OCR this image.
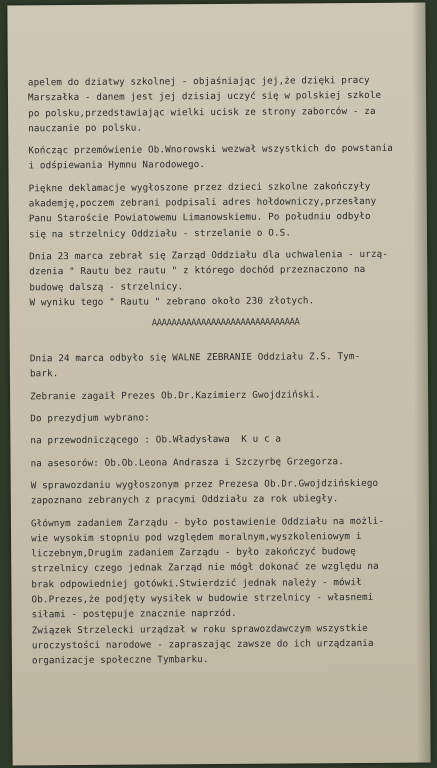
apelem do dziatwy szkolnej - objaśniając jej,że dzięki pracy
Marszałka - danem jest jej dzisiaj uczyć się w polskiej szkole
po polsku,przedstawiając wielki ucisk ze strony zaborców - za
nauczanie po polsku.
Kończąc przemówienie Ob.Wnorowski wezwał wszystkich do powstania
i odśpiewania Hymnu Narodowego.
Piękne deklamacje wygłoszone przez dzieci szkolne zakończyły
akademję,poczem zebrani podpisali adres hołdowniczy,przesłany
Panu Staroście Powiatowemu Limanowskiemu. Po południu odbyło
się na strzelnicy Oddziału - strzelanie o O.S.
Dnia 23 marca zebrał się Zarząd Oddziału dla uchwalenia - urzą-
dzenia " Rautu bez rautu " z którego dochód przeznaczono na
budowę dalszą - strzelnicy.
W wyniku tego " Rautu " zebrano około 230 złotych.
AAAAAAAAAAAAAAAAAAAAAAAAAAAAAA
Dnia 24 marca odbyło się WALNE ZEBRANIE Oddziału Z.S. Tym-
bark.
Zebranie zagaił Prezes Ob.Dr.Kazimierz Gwojdziński.
Do prezydjum wybrano:
na przewodniczącego : Ob.Władysława  K u c a
na asesorów: Ob.Ob.Leona Andrasza i Szczyrbę Grzegorza.
W sprawozdaniu wygłoszonym przez Prezesa Ob.Dr.Gwojdzińskiego
zapoznano zebranych z pracymi Oddziału za rok ubiegły.
Głównym zadaniem Zarządu - było postawienie Oddziału na możli-
wie wysokim stopniu pod względem moralnym,wyszkoleniowym i
liczebnym,Drugim zadaniem Zarządu - było zakończyć budowę
strzelnicy czego jednak Zarząd nie mógł dokonać ze względu na
brak odpowiedniej gotówki.Stwierdzić jednak należy - mówił
Ob.Prezes,że podjęty wysiłek w budowie strzelnicy - własnemi
siłami - postępuje znacznie naprzód.
Związek Strzelecki urządzał w roku sprawozdawczym wszystkie
uroczystości narodowe - zapraszając zawsze do ich urządzania
organizacje społeczne Tymbarku.
